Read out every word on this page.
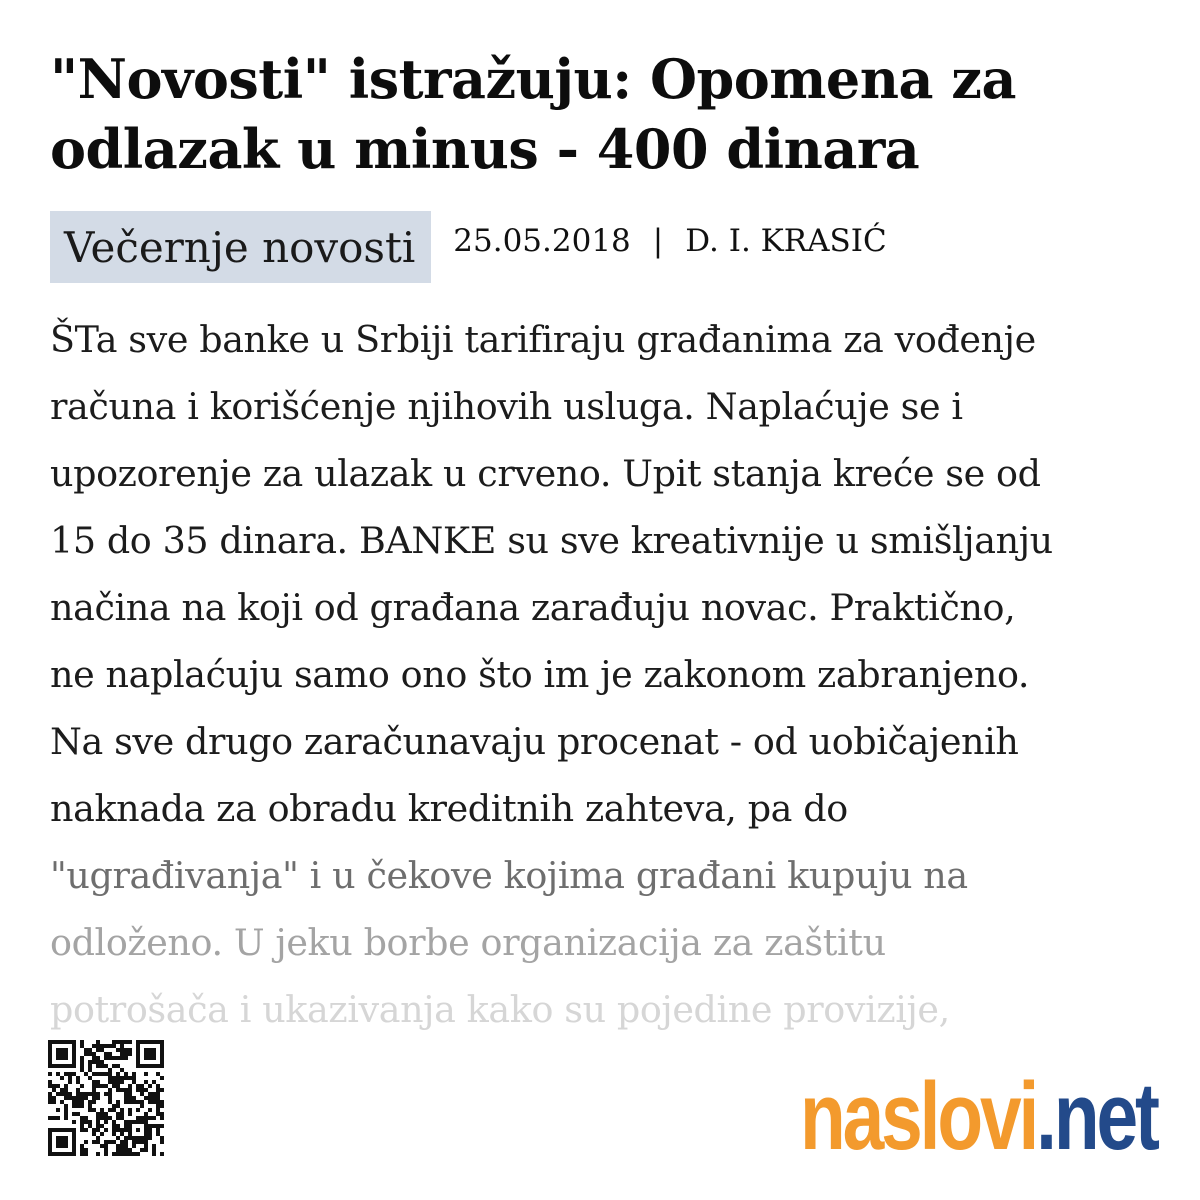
"Novosti" istražuju: Opomena za odlazak u minus - 400 dinara
Večernje novosti	25.05.2018 | D. I. KRASIĆ

ŠTa sve banke u Srbiji tarifiraju građanima za vođenje
računa i korišćenje njihovih usluga. Naplaćuje se i
upozorenje za ulazak u crveno. Upit stanja kreće se od
15 do 35 dinara. BANKE su sve kreativnije u smišljanju
načina na koji od građana zarađuju novac. Praktično,
ne naplaćuju samo ono što im je zakonom zabranjeno.
Na sve drugo zaračunavaju procenat - od uobičajenih
naknada za obradu kreditnih zahteva, pa do
"ugrađivanja" i u čekove kojima građani kupuju na
odloženo. U jeku borbe organizacija za zaštitu
potrošača i ukazivanja kako su pojedine provizije,

naslovi .net
